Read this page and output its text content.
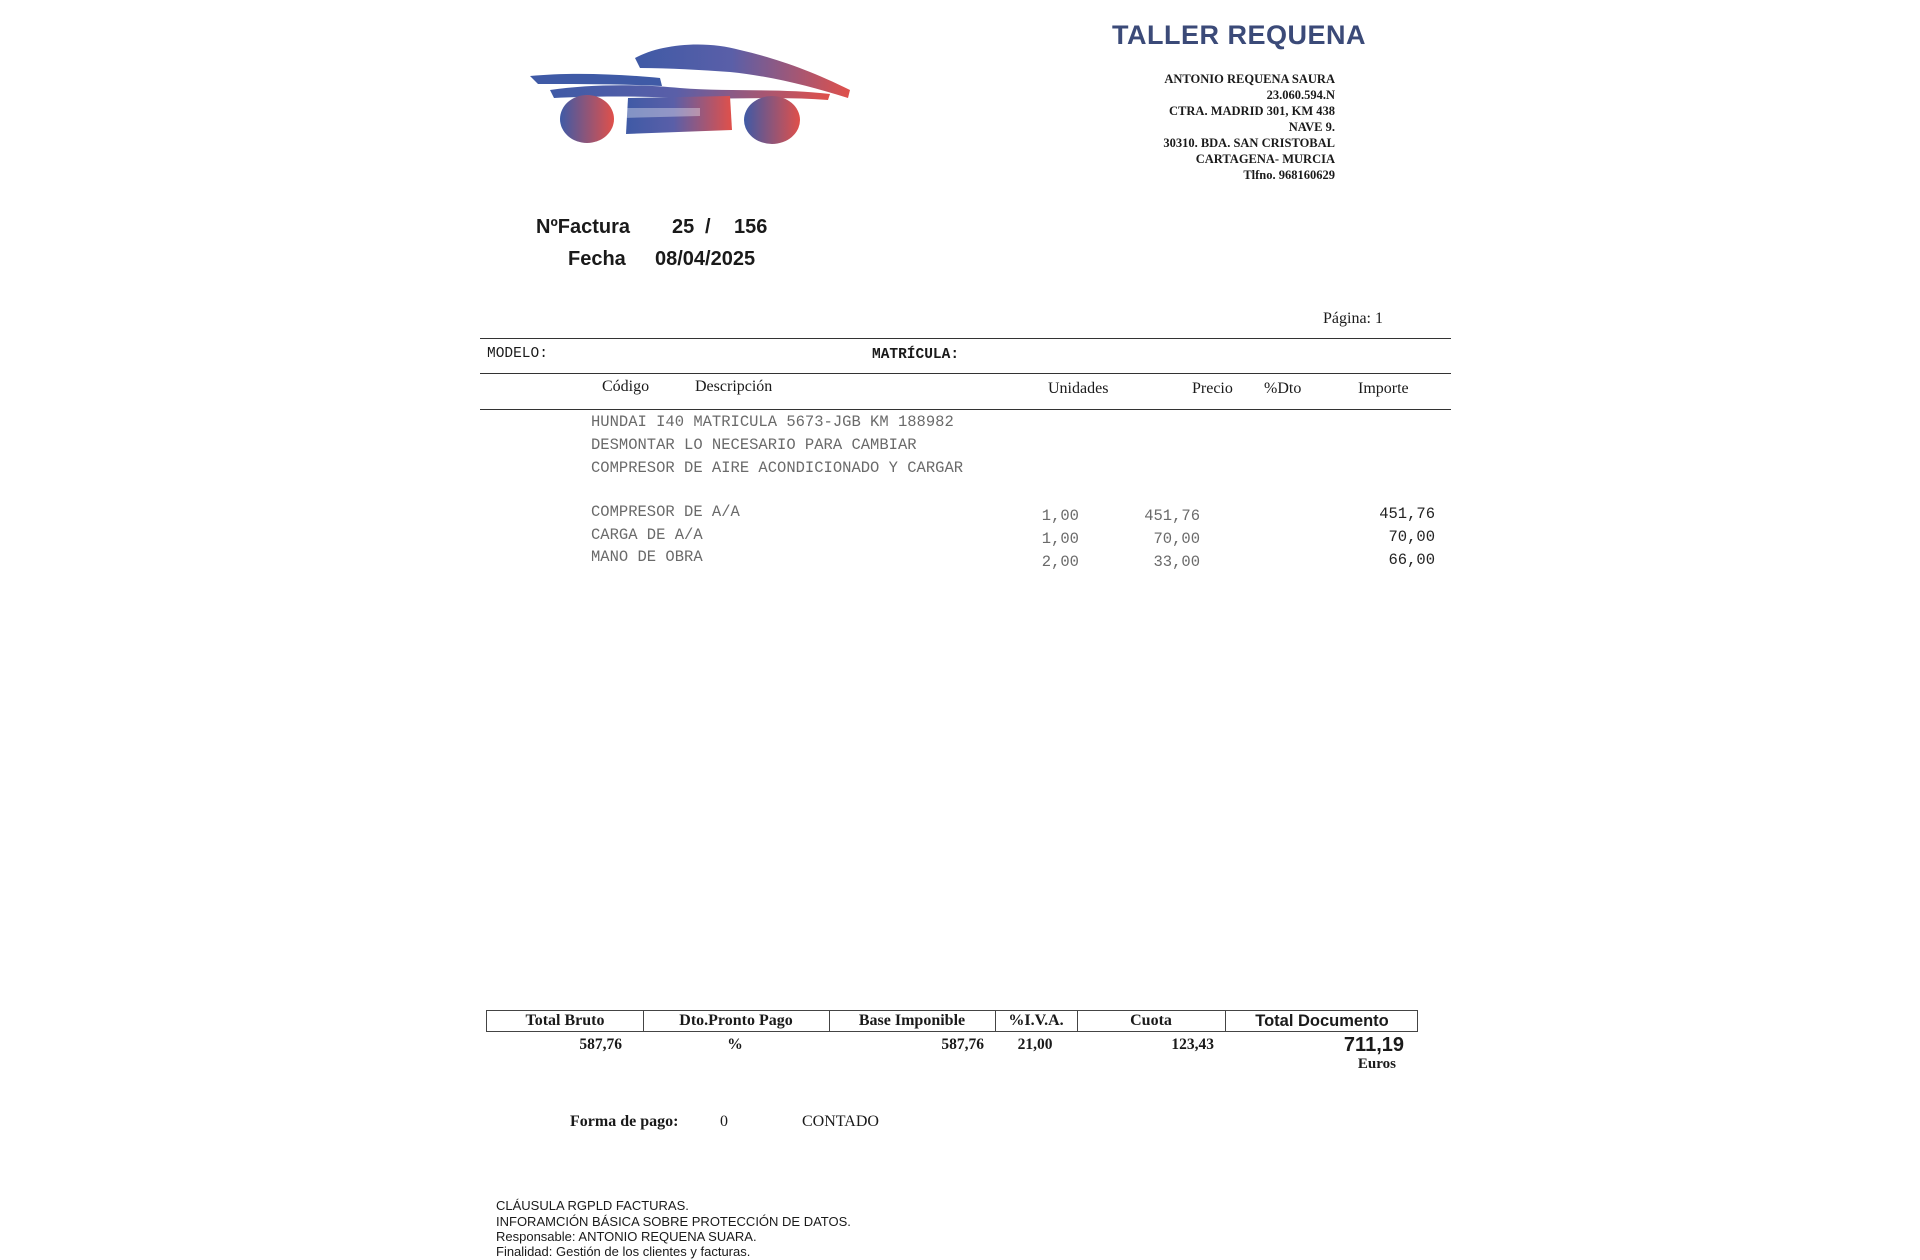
TALLER REQUENA
ANTONIO REQUENA SAURA
23.060.594.N
CTRA. MADRID 301, KM 438
NAVE 9.
30310. BDA. SAN CRISTOBAL
CARTAGENA- MURCIA
Tlfno. 968160629
NºFactura 25 / 156
Fecha 08/04/2025
Página: 1
MODELO:	MATRÍCULA:
Código	Descripción	Unidades	Precio %Dto	Importe
HUNDAI I40 MATRICULA 5673-JGB KM 188982
DESMONTAR LO NECESARIO PARA CAMBIAR
COMPRESOR DE AIRE ACONDICIONADO Y CARGAR
COMPRESOR DE A/A	1,00	451,76	451,76
CARGA DE A/A	1,00	70,00	70,00
MANO DE OBRA	2,00	33,00	66,00
Total Bruto	Dto.Pronto Pago	Base Imponible	%I.V.A.	Cuota	Total Documento
587,76	%	587,76	21,00	123,43	711,19
Euros
Forma de pago:	0	CONTADO
CLÁUSULA RGPLD FACTURAS.
INFORAMCIÓN BÁSICA SOBRE PROTECCIÓN DE DATOS.
Responsable: ANTONIO REQUENA SUARA.
Finalidad: Gestión de los clientes y facturas.
